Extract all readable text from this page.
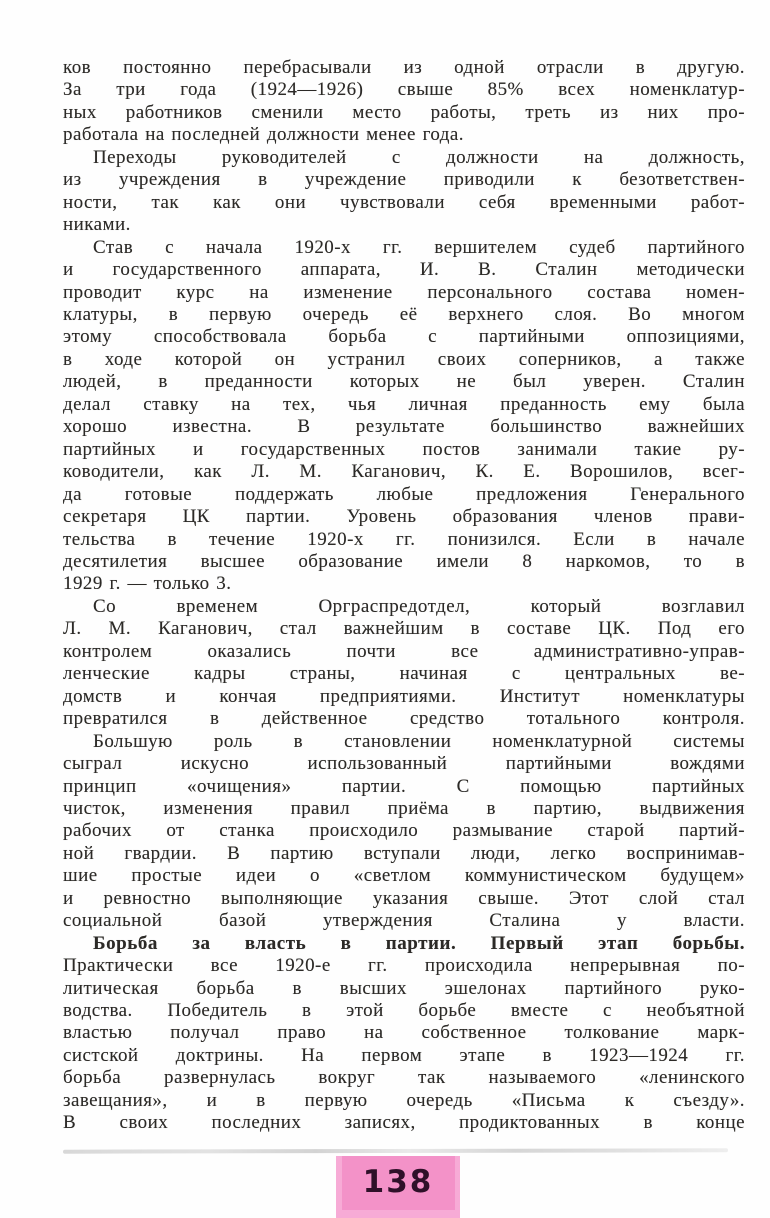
ков постоянно перебрасывали из одной отрасли в другую.
За три года (1924—1926) свыше 85% всех номенклатур-
ных работников сменили место работы, треть из них про-
работала на последней должности менее года.
Переходы руководителей с должности на должность,
из учреждения в учреждение приводили к безответствен-
ности, так как они чувствовали себя временными работ-
никами.
Став с начала 1920-х гг. вершителем судеб партийного
и государственного аппарата, И. В. Сталин методически
проводит курс на изменение персонального состава номен-
клатуры, в первую очередь её верхнего слоя. Во многом
этому способствовала борьба с партийными оппозициями,
в ходе которой он устранил своих соперников, а также
людей, в преданности которых не был уверен. Сталин
делал ставку на тех, чья личная преданность ему была
хорошо известна. В результате большинство важнейших
партийных и государственных постов занимали такие ру-
ководители, как Л. М. Каганович, К. Е. Ворошилов, всег-
да готовые поддержать любые предложения Генерального
секретаря ЦК партии. Уровень образования членов прави-
тельства в течение 1920-х гг. понизился. Если в начале
десятилетия высшее образование имели 8 наркомов, то в
1929 г. — только 3.
Со временем Орграспредотдел, который возглавил
Л. М. Каганович, стал важнейшим в составе ЦК. Под его
контролем оказались почти все административно-управ-
ленческие кадры страны, начиная с центральных ве-
домств и кончая предприятиями. Институт номенклатуры
превратился в действенное средство тотального контроля.
Большую роль в становлении номенклатурной системы
сыграл искусно использованный партийными вождями
принцип «очищения» партии. С помощью партийных
чисток, изменения правил приёма в партию, выдвижения
рабочих от станка происходило размывание старой партий-
ной гвардии. В партию вступали люди, легко воспринимав-
шие простые идеи о «светлом коммунистическом будущем»
и ревностно выполняющие указания свыше. Этот слой стал
социальной базой утверждения Сталина у власти.
Борьба за власть в партии. Первый этап борьбы.
Практически все 1920-е гг. происходила непрерывная по-
литическая борьба в высших эшелонах партийного руко-
водства. Победитель в этой борьбе вместе с необъятной
властью получал право на собственное толкование марк-
систской доктрины. На первом этапе в 1923—1924 гг.
борьба развернулась вокруг так называемого «ленинского
завещания», и в первую очередь «Письма к съезду».
В своих последних записях, продиктованных в конце
138
